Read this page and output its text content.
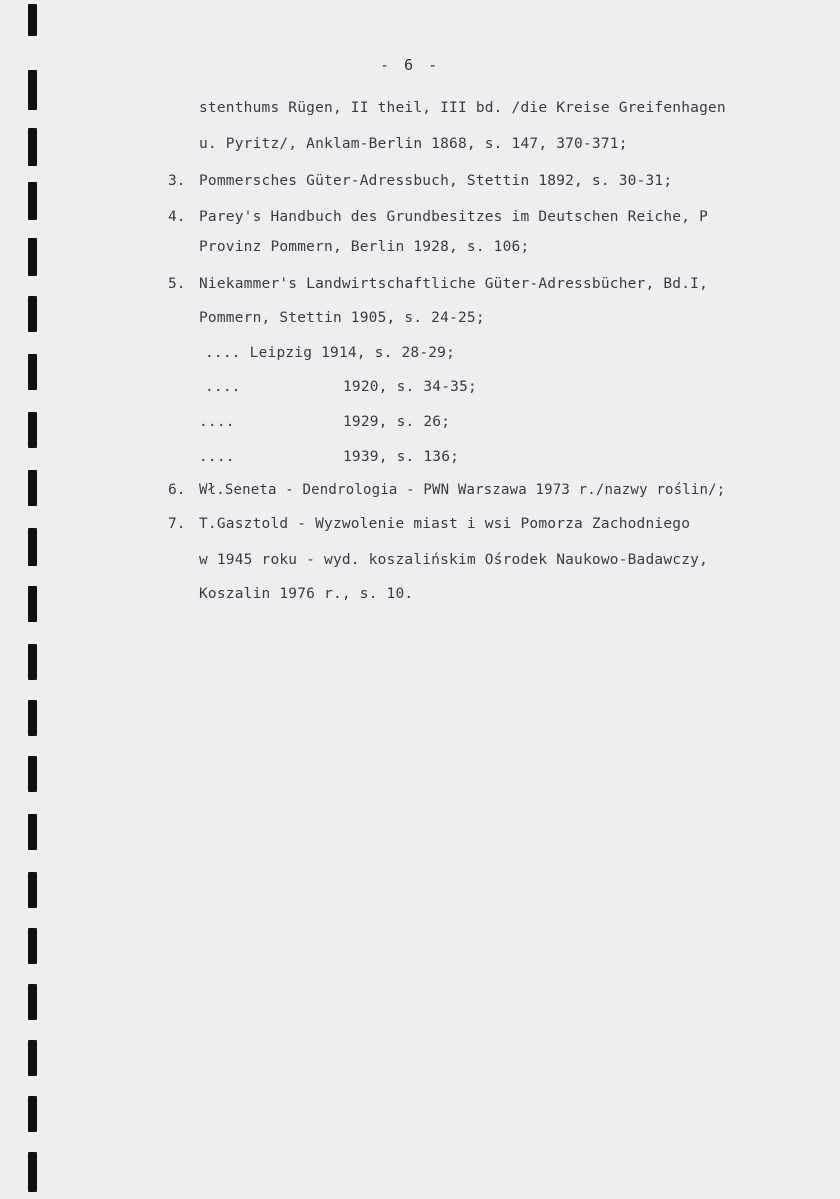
- 6 -
stenthums Rügen, II theil, III bd. /die Kreise Greifenhagen
u. Pyritz/, Anklam-Berlin 1868, s. 147, 370-371;
3. Pommersches Güter-Adressbuch, Stettin 1892, s. 30-31;
4. Parey's Handbuch des Grundbesitzes im Deutschen Reiche, P
Provinz Pommern, Berlin 1928, s. 106;
5. Niekammer's Landwirtschaftliche Güter-Adressbücher, Bd.I,
Pommern, Stettin 1905, s. 24-25;
.... Leipzig 1914, s. 28-29;
....	1920, s. 34-35;
....	1929, s. 26;
....	1939, s. 136;
6. Wł.Seneta - Dendrologia - PWN Warszawa 1973 r./nazwy roślin/;
7. T.Gasztold - Wyzwolenie miast i wsi Pomorza Zachodniego
w 1945 roku - wyd. koszalińskim Ośrodek Naukowo-Badawczy,
Koszalin 1976 r., s. 10.
